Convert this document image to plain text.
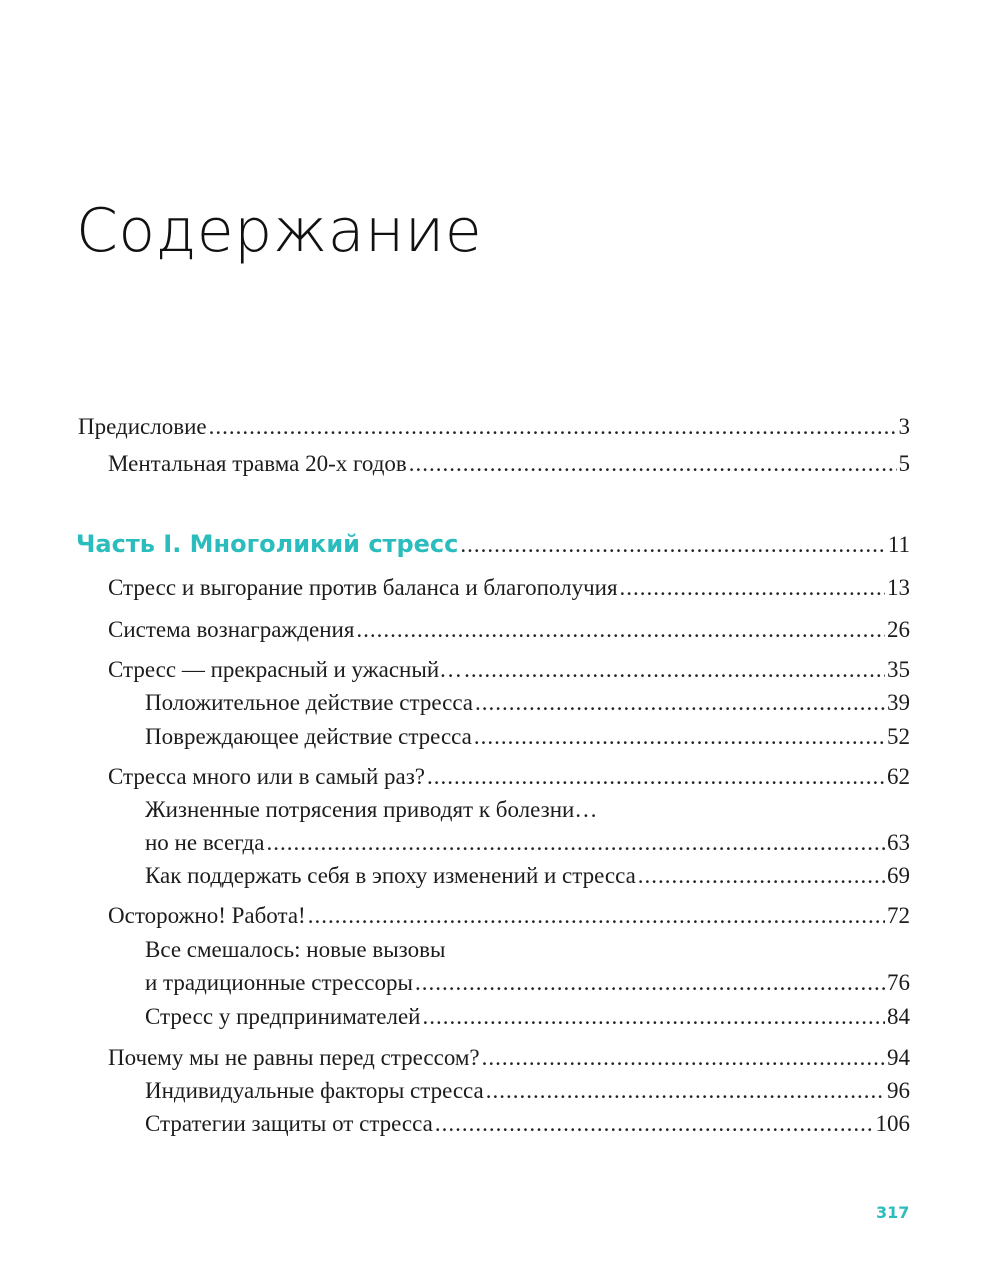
Содержание
Предисловие .....	3
Ментальная травма 20-х годов .....	5
Часть I. Многоликий стресс .....	11
Стресс и выгорание против баланса и благополучия .....	13
Система вознаграждения .....	26
Стресс — прекрасный и ужасный… .....	35
Положительное действие стресса .....	39
Повреждающее действие стресса .....	52
Стресса много или в самый раз? .....	62
Жизненные потрясения приводят к болезни…
но не всегда .....	63
Как поддержать себя в эпоху изменений и стресса .....	69
Осторожно! Работа! .....	72
Все смешалось: новые вызовы
и традиционные стрессоры .....	76
Стресс у предпринимателей .....	84
Почему мы не равны перед стрессом? .....	94
Индивидуальные факторы стресса .....	96
Стратегии защиты от стресса .....	106
317
